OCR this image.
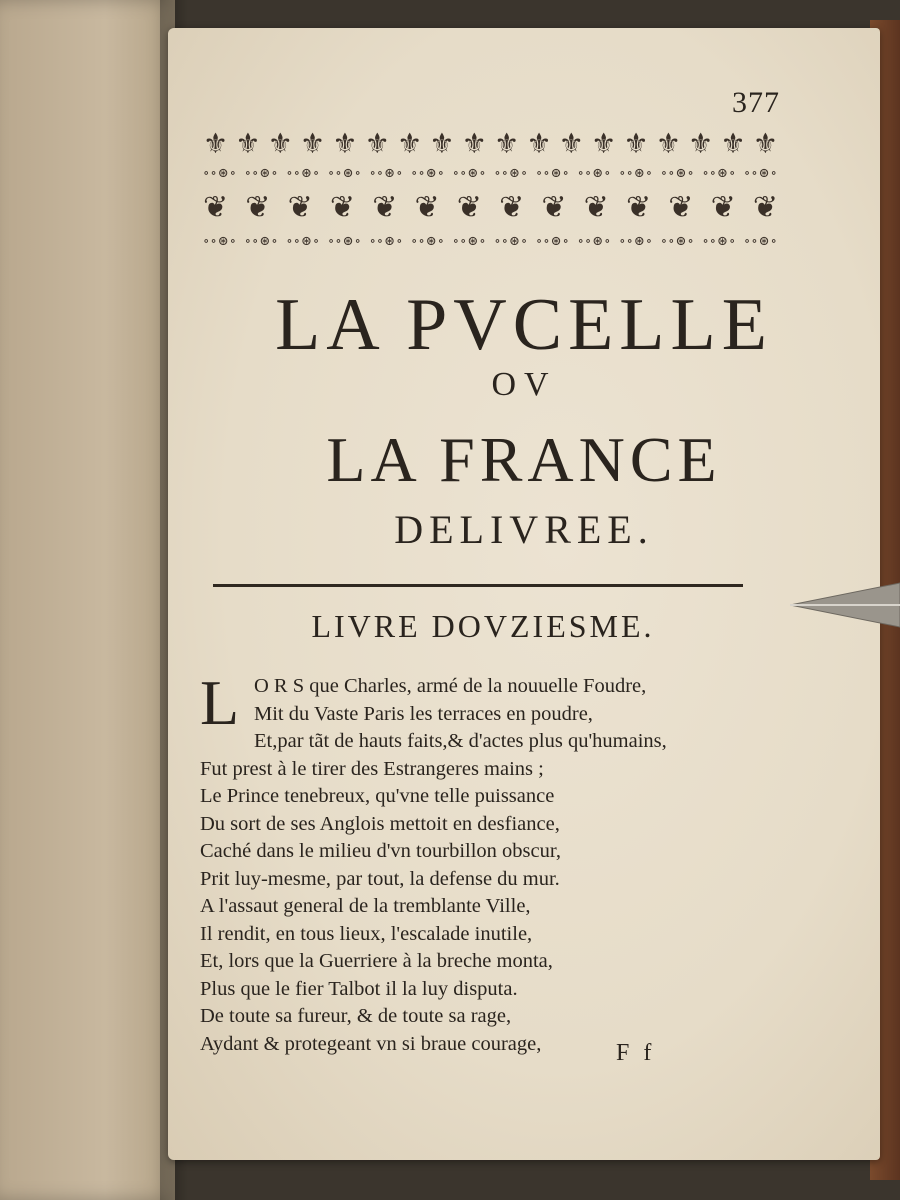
377
⚜ ⚜ ⚜ ⚜ ⚜ ⚜ ⚜ ⚜ ⚜ ⚜ ⚜ ⚜ ⚜ ⚜ ⚜ ⚜ ⚜ ⚜
∘∘⊛∘ ∘∘⊛∘ ∘∘⊛∘ ∘∘⊛∘ ∘∘⊛∘ ∘∘⊛∘ ∘∘⊛∘ ∘∘⊛∘ ∘∘⊛∘ ∘∘⊛∘ ∘∘⊛∘ ∘∘⊛∘ ∘∘⊛∘ ∘∘⊛∘
❦ ❦ ❦ ❦ ❦ ❦ ❦ ❦ ❦ ❦ ❦ ❦ ❦ ❦
∘∘⊛∘ ∘∘⊛∘ ∘∘⊛∘ ∘∘⊛∘ ∘∘⊛∘ ∘∘⊛∘ ∘∘⊛∘ ∘∘⊛∘ ∘∘⊛∘ ∘∘⊛∘ ∘∘⊛∘ ∘∘⊛∘ ∘∘⊛∘ ∘∘⊛∘
LA PVCELLE
OV
LA FRANCE
DELIVREE.
LIVRE DOVZIESME.
L O R S que Charles, armé de la nouuelle Foudre,
Mit du Vaste Paris les terraces en poudre,
Et,par tãt de hauts faits,& d'actes plus qu'humains,
Fut prest à le tirer des Estrangeres mains ;
Le Prince tenebreux, qu'vne telle puissance
Du sort de ses Anglois mettoit en desfiance,
Caché dans le milieu d'vn tourbillon obscur,
Prit luy-mesme, par tout, la defense du mur.
A l'assaut general de la tremblante Ville,
Il rendit, en tous lieux, l'escalade inutile,
Et, lors que la Guerriere à la breche monta,
Plus que le fier Talbot il la luy disputa.
De toute sa fureur, & de toute sa rage,
Aydant & protegeant vn si braue courage,	F f
